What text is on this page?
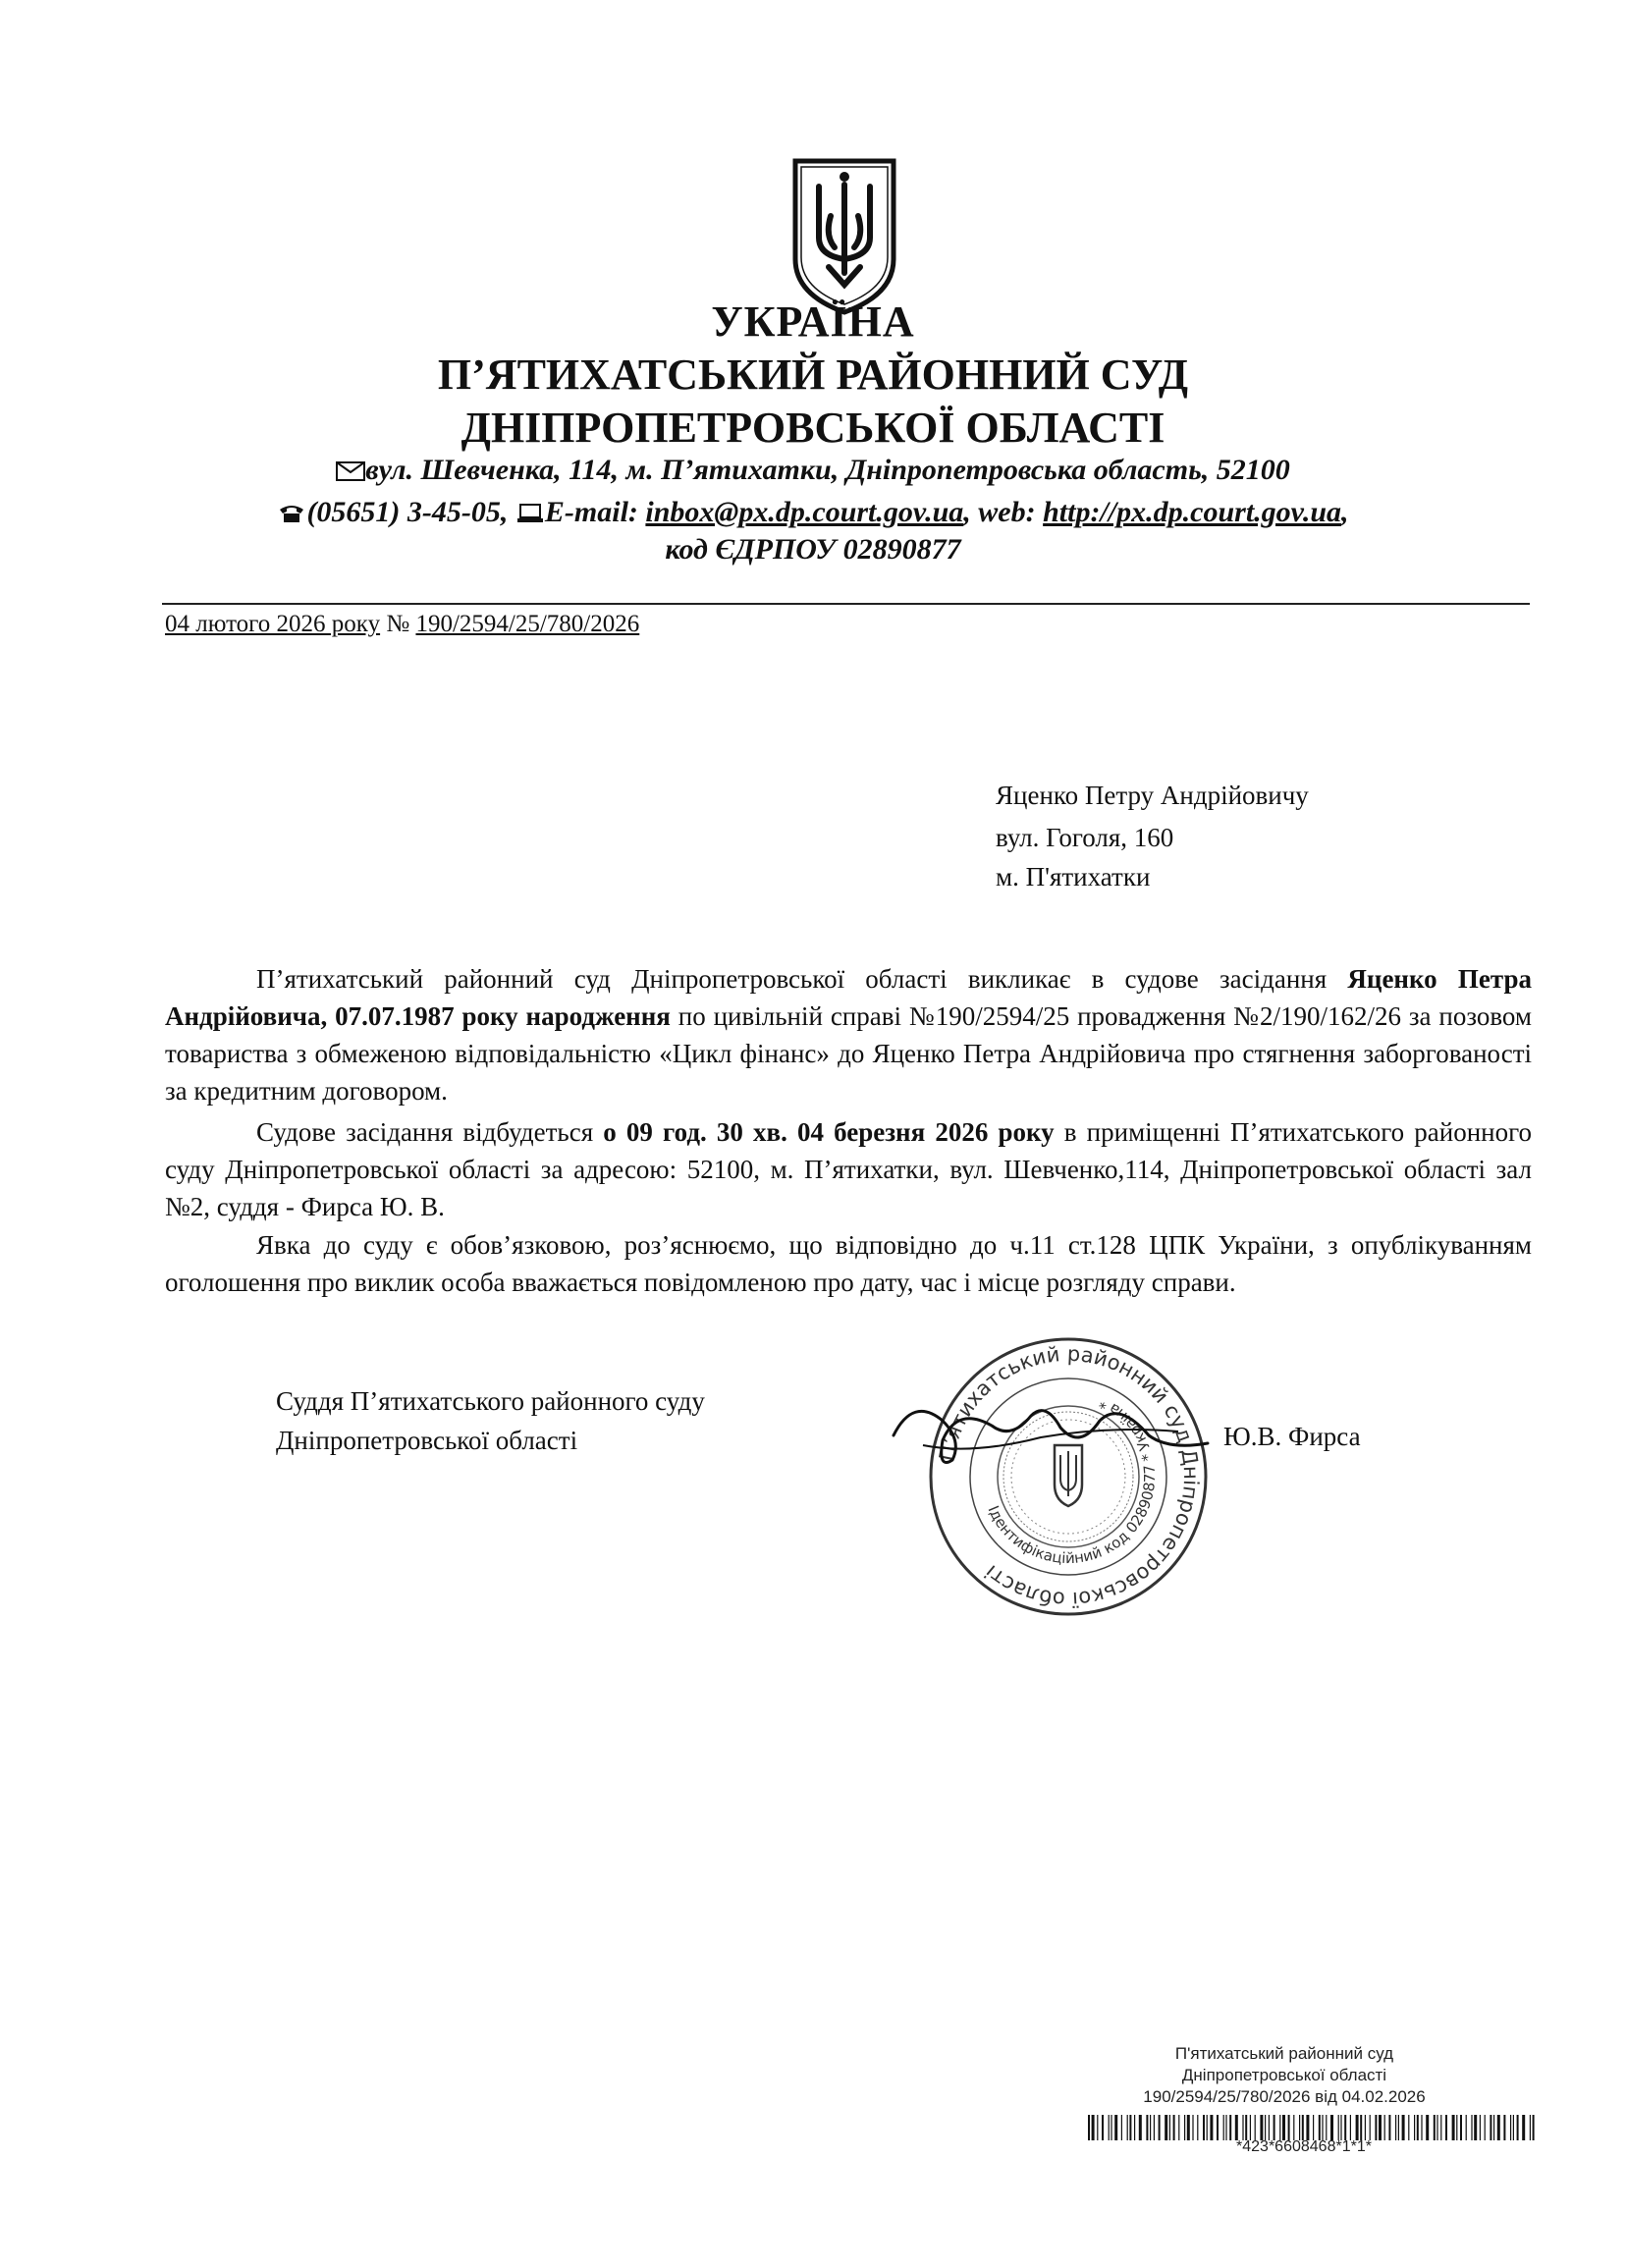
УКРАЇНА
П’ЯТИХАТСЬКИЙ РАЙОННИЙ СУД
ДНІПРОПЕТРОВСЬКОЇ ОБЛАСТІ
вул. Шевченка, 114, м. П’ятихатки, Дніпропетровська область, 52100
(05651) 3-45-05, E-mail: inbox@px.dp.court.gov.ua, web: http://px.dp.court.gov.ua,
код ЄДРПОУ 02890877
04 лютого 2026 року № 190/2594/25/780/2026
Яценко Петру Андрійовичу
вул. Гоголя, 160
м. П'ятихатки
П’ятихатський районний суд Дніпропетровської області викликає в судове засідання Яценко Петра Андрійовича, 07.07.1987 року народження по цивільній справі №190/2594/25 провадження №2/190/162/26 за позовом товариства з обмеженою відповідальністю «Цикл фінанс» до Яценко Петра Андрійовича про стягнення заборгованості за кредитним договором.
Судове засідання відбудеться о 09 год. 30 хв. 04 березня 2026 року в приміщенні П’ятихатського районного суду Дніпропетровської області за адресою: 52100, м. П’ятихатки, вул. Шевченко,114, Дніпропетровської області зал №2, суддя - Фирса Ю. В.
Явка до суду є обов’язковою, роз’яснюємо, що відповідно до ч.11 ст.128 ЦПК України, з опублікуванням оголошення про виклик особа вважається повідомленою про дату, час і місце розгляду справи.
Суддя П’ятихатського районного суду
Дніпропетровської області	П’ятихатський районний суд Дніпропетровської області
Ідентифікаційний код 02890877 * Україна *
Ю.В. Фирса
П'ятихатський районний суд
Дніпропетровської області
190/2594/25/780/2026 від 04.02.2026
*423*6608468*1*1*
